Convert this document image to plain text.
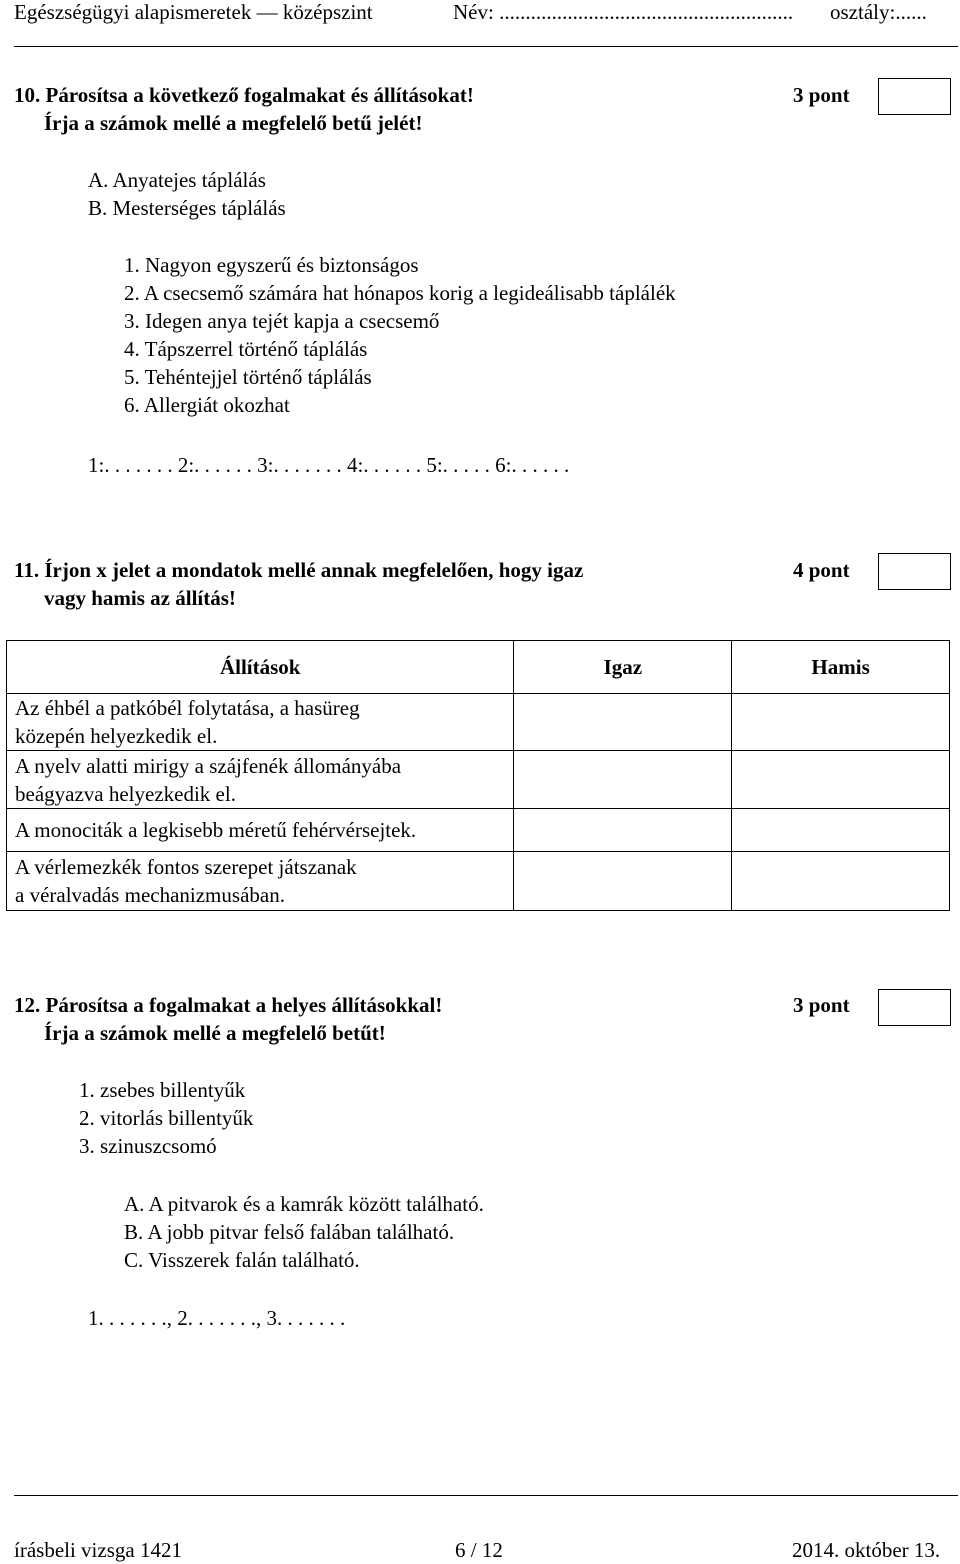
Egészségügyi alapismeretek — középszint	Név: ........................................................ osztály:......
10. Párosítsa a következő fogalmakat és állításokat!	3 pont
Írja a számok mellé a megfelelő betű jelét!
A. Anyatejes táplálás
B. Mesterséges táplálás
1. Nagyon egyszerű és biztonságos
2. A csecsemő számára hat hónapos korig a legideálisabb táplálék
3. Idegen anya tejét kapja a csecsemő
4. Tápszerrel történő táplálás
5. Tehéntejjel történő táplálás
6. Allergiát okozhat
1:. . . . . . . 2:. . . . . . 3:. . . . . . . 4:. . . . . . 5:. . . . . 6:. . . . . .
11. Írjon x jelet a mondatok mellé annak megfelelően, hogy igaz	4 pont
vagy hamis az állítás!
Állítások	Igaz	Hamis

Az éhbél a patkóbél folytatása, a hasüreg
közepén helyezkedik el.		

A nyelv alatti mirigy a szájfenék állományába
beágyazva helyezkedik el.		

A monociták a legkisebb méretű fehérvérsejtek.		

A vérlemezkék fontos szerepet játszanak
a véralvadás mechanizmusában.		

12. Párosítsa a fogalmakat a helyes állításokkal!	3 pont
Írja a számok mellé a megfelelő betűt!
1. zsebes billentyűk
2. vitorlás billentyűk
3. szinuszcsomó
A. A pitvarok és a kamrák között található.
B. A jobb pitvar felső falában található.
C. Visszerek falán található.
1. . . . . . ., 2. . . . . . ., 3. . . . . . .
írásbeli vizsga 1421	6 / 12	2014. október 13.
